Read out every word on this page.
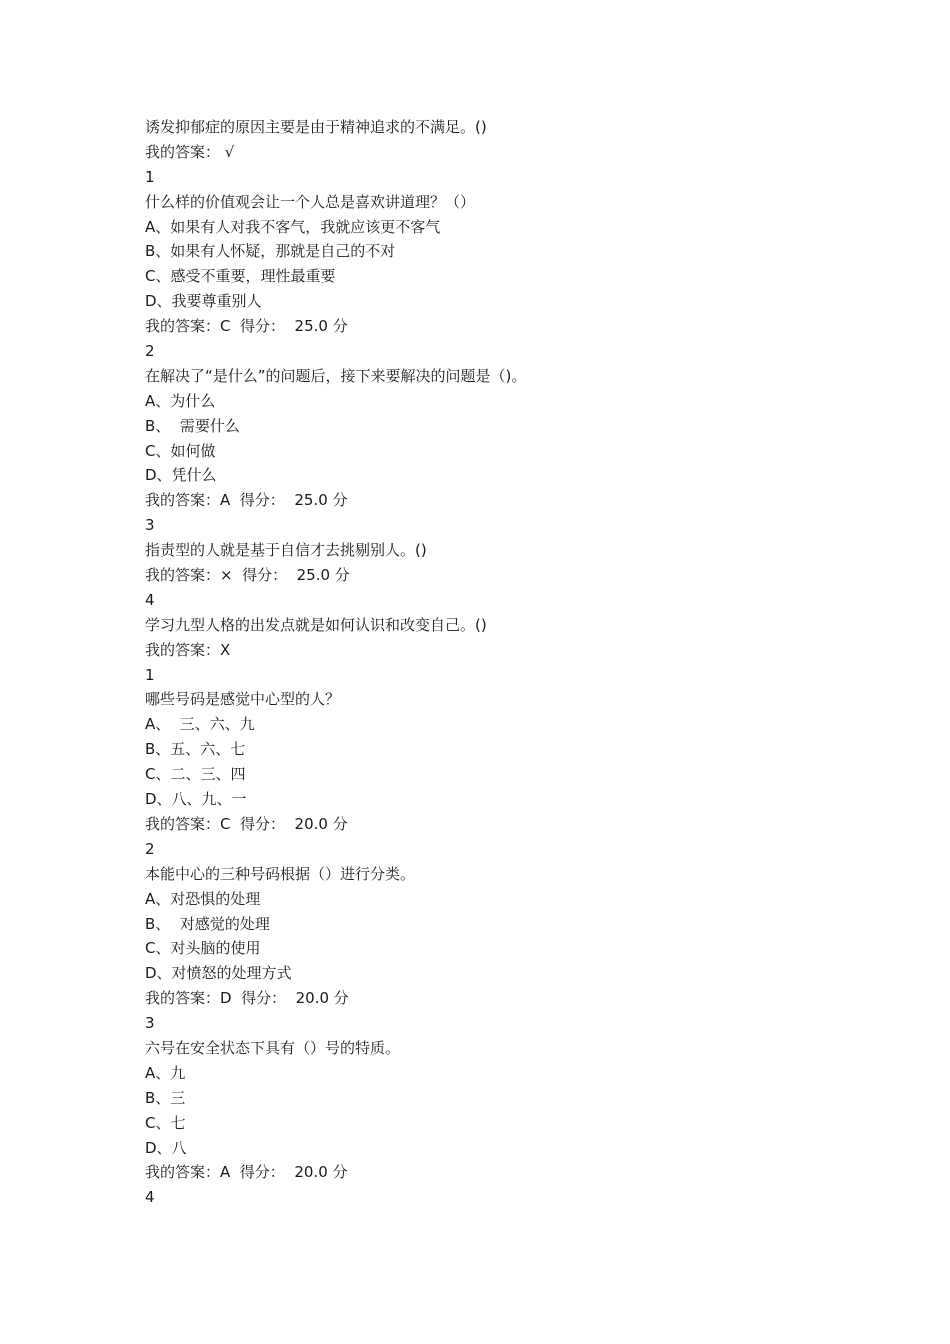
诱发抑郁症的原因主要是由于精神追求的不满足。()
我的答案： √
1
什么样的价值观会让一个人总是喜欢讲道理？（）
A、如果有人对我不客气，我就应该更不客气
B、如果有人怀疑，那就是自己的不对
C、感受不重要，理性最重要
D、我要尊重别人
我的答案：C  得分：  25.0 分
2
在解决了“是什么”的问题后，接下来要解决的问题是（)。
A、为什么
B、  需要什么
C、如何做
D、凭什么
我的答案：A  得分：  25.0 分
3
指责型的人就是基于自信才去挑剔别人。()
我的答案：×  得分：  25.0 分
4
学习九型人格的出发点就是如何认识和改变自己。()
我的答案：X
1
哪些号码是感觉中心型的人？
A、  三、六、九
B、五、六、七
C、二、三、四
D、八、九、一
我的答案：C  得分：  20.0 分
2
本能中心的三种号码根据（）进行分类。
A、对恐惧的处理
B、  对感觉的处理
C、对头脑的使用
D、对愤怒的处理方式
我的答案：D  得分：  20.0 分
3
六号在安全状态下具有（）号的特质。
A、九
B、三
C、七
D、八
我的答案：A  得分：  20.0 分
4
